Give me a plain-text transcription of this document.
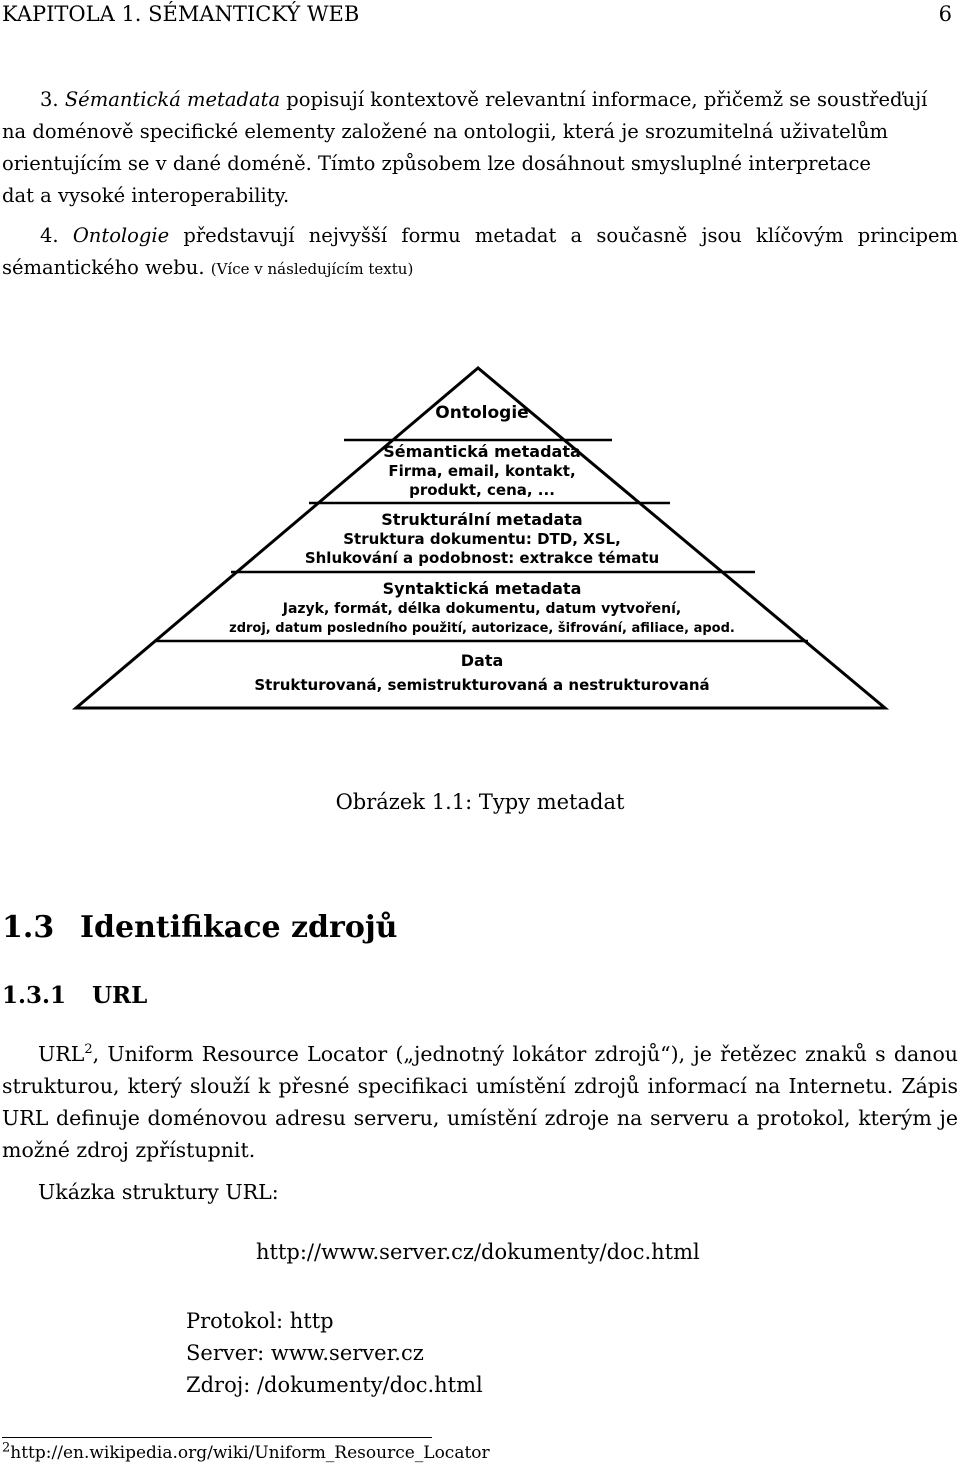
KAPITOLA 1. SÉMANTICKÝ WEB	6
3. Sémantická metadata popisují kontextově relevantní informace, přičemž se soustřeďují
na doménově specifické elementy založené na ontologii, která je srozumitelná uživatelům
orientujícím se v dané doméně. Tímto způsobem lze dosáhnout smysluplné interpretace
dat a vysoké interoperability.
4. Ontologie představují nejvyšší formu metadat a současně jsou klíčovým principem
sémantického webu. (Více v následujícím textu)
Ontologie
Sémantická metadata
Firma, email, kontakt,
produkt, cena, ...
Strukturální metadata
Struktura dokumentu: DTD, XSL,
Shlukování a podobnost: extrakce tématu
Syntaktická metadata
Jazyk, formát, délka dokumentu, datum vytvoření,
zdroj, datum posledního použití, autorizace, šifrování, afiliace, apod.
Data
Strukturovaná, semistrukturovaná a nestrukturovaná
Obrázek 1.1: Typy metadat
1.3 Identifikace zdrojů
1.3.1 URL
URL$^2$, Uniform Resource Locator („jednotný lokátor zdrojů“), je řetězec znaků s danou
strukturou, který slouží k přesné specifikaci umístění zdrojů informací na Internetu. Zápis
URL definuje doménovou adresu serveru, umístění zdroje na serveru a protokol, kterým je
možné zdroj zpřístupnit.
Ukázka struktury URL:
http://www.server.cz/dokumenty/doc.html
Protokol: http
Server: www.server.cz
Zdroj: /dokumenty/doc.html
$^2$http://en.wikipedia.org/wiki/Uniform_Resource_Locator
